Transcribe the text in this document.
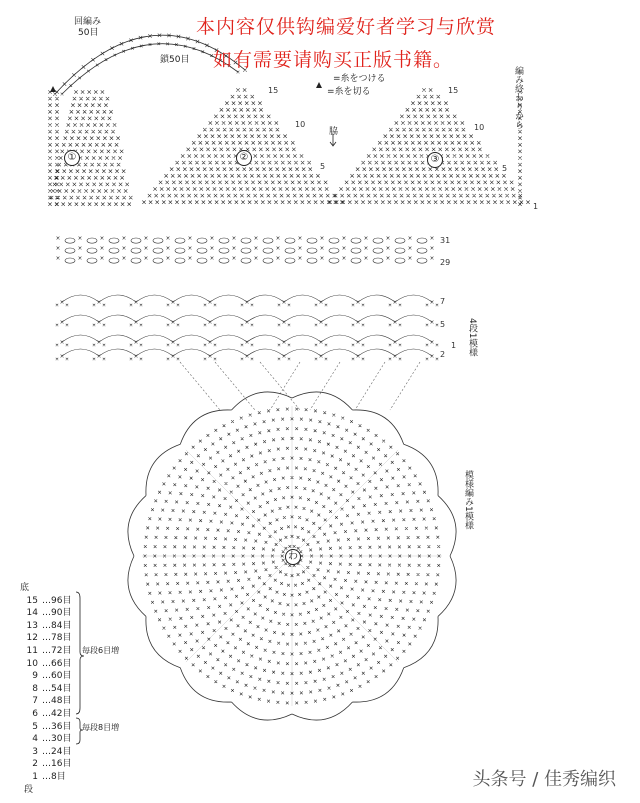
本内容仅供钩编爱好者学习与欣赏
如有需要请购买正版书籍。
回編み
50目
鎖50目
=糸をつける
=糸を切る
脇
編み終わりから
①	②	③
15
10
5
15
10
5
1
31
29
7
5
2
1 4段1模様
模様編み1模様
わ
底
15 …96目
14 …90目
13 …84目
12 …78目
11 …72目
10 …66目
9 …60目
8 …54目
7 …48目
6 …42目
5 …36目
4 …30目
3 …24目
2 …16目
1 …8目
段
毎段6目増
毎段8目増
头条号 / 佳秀编织
